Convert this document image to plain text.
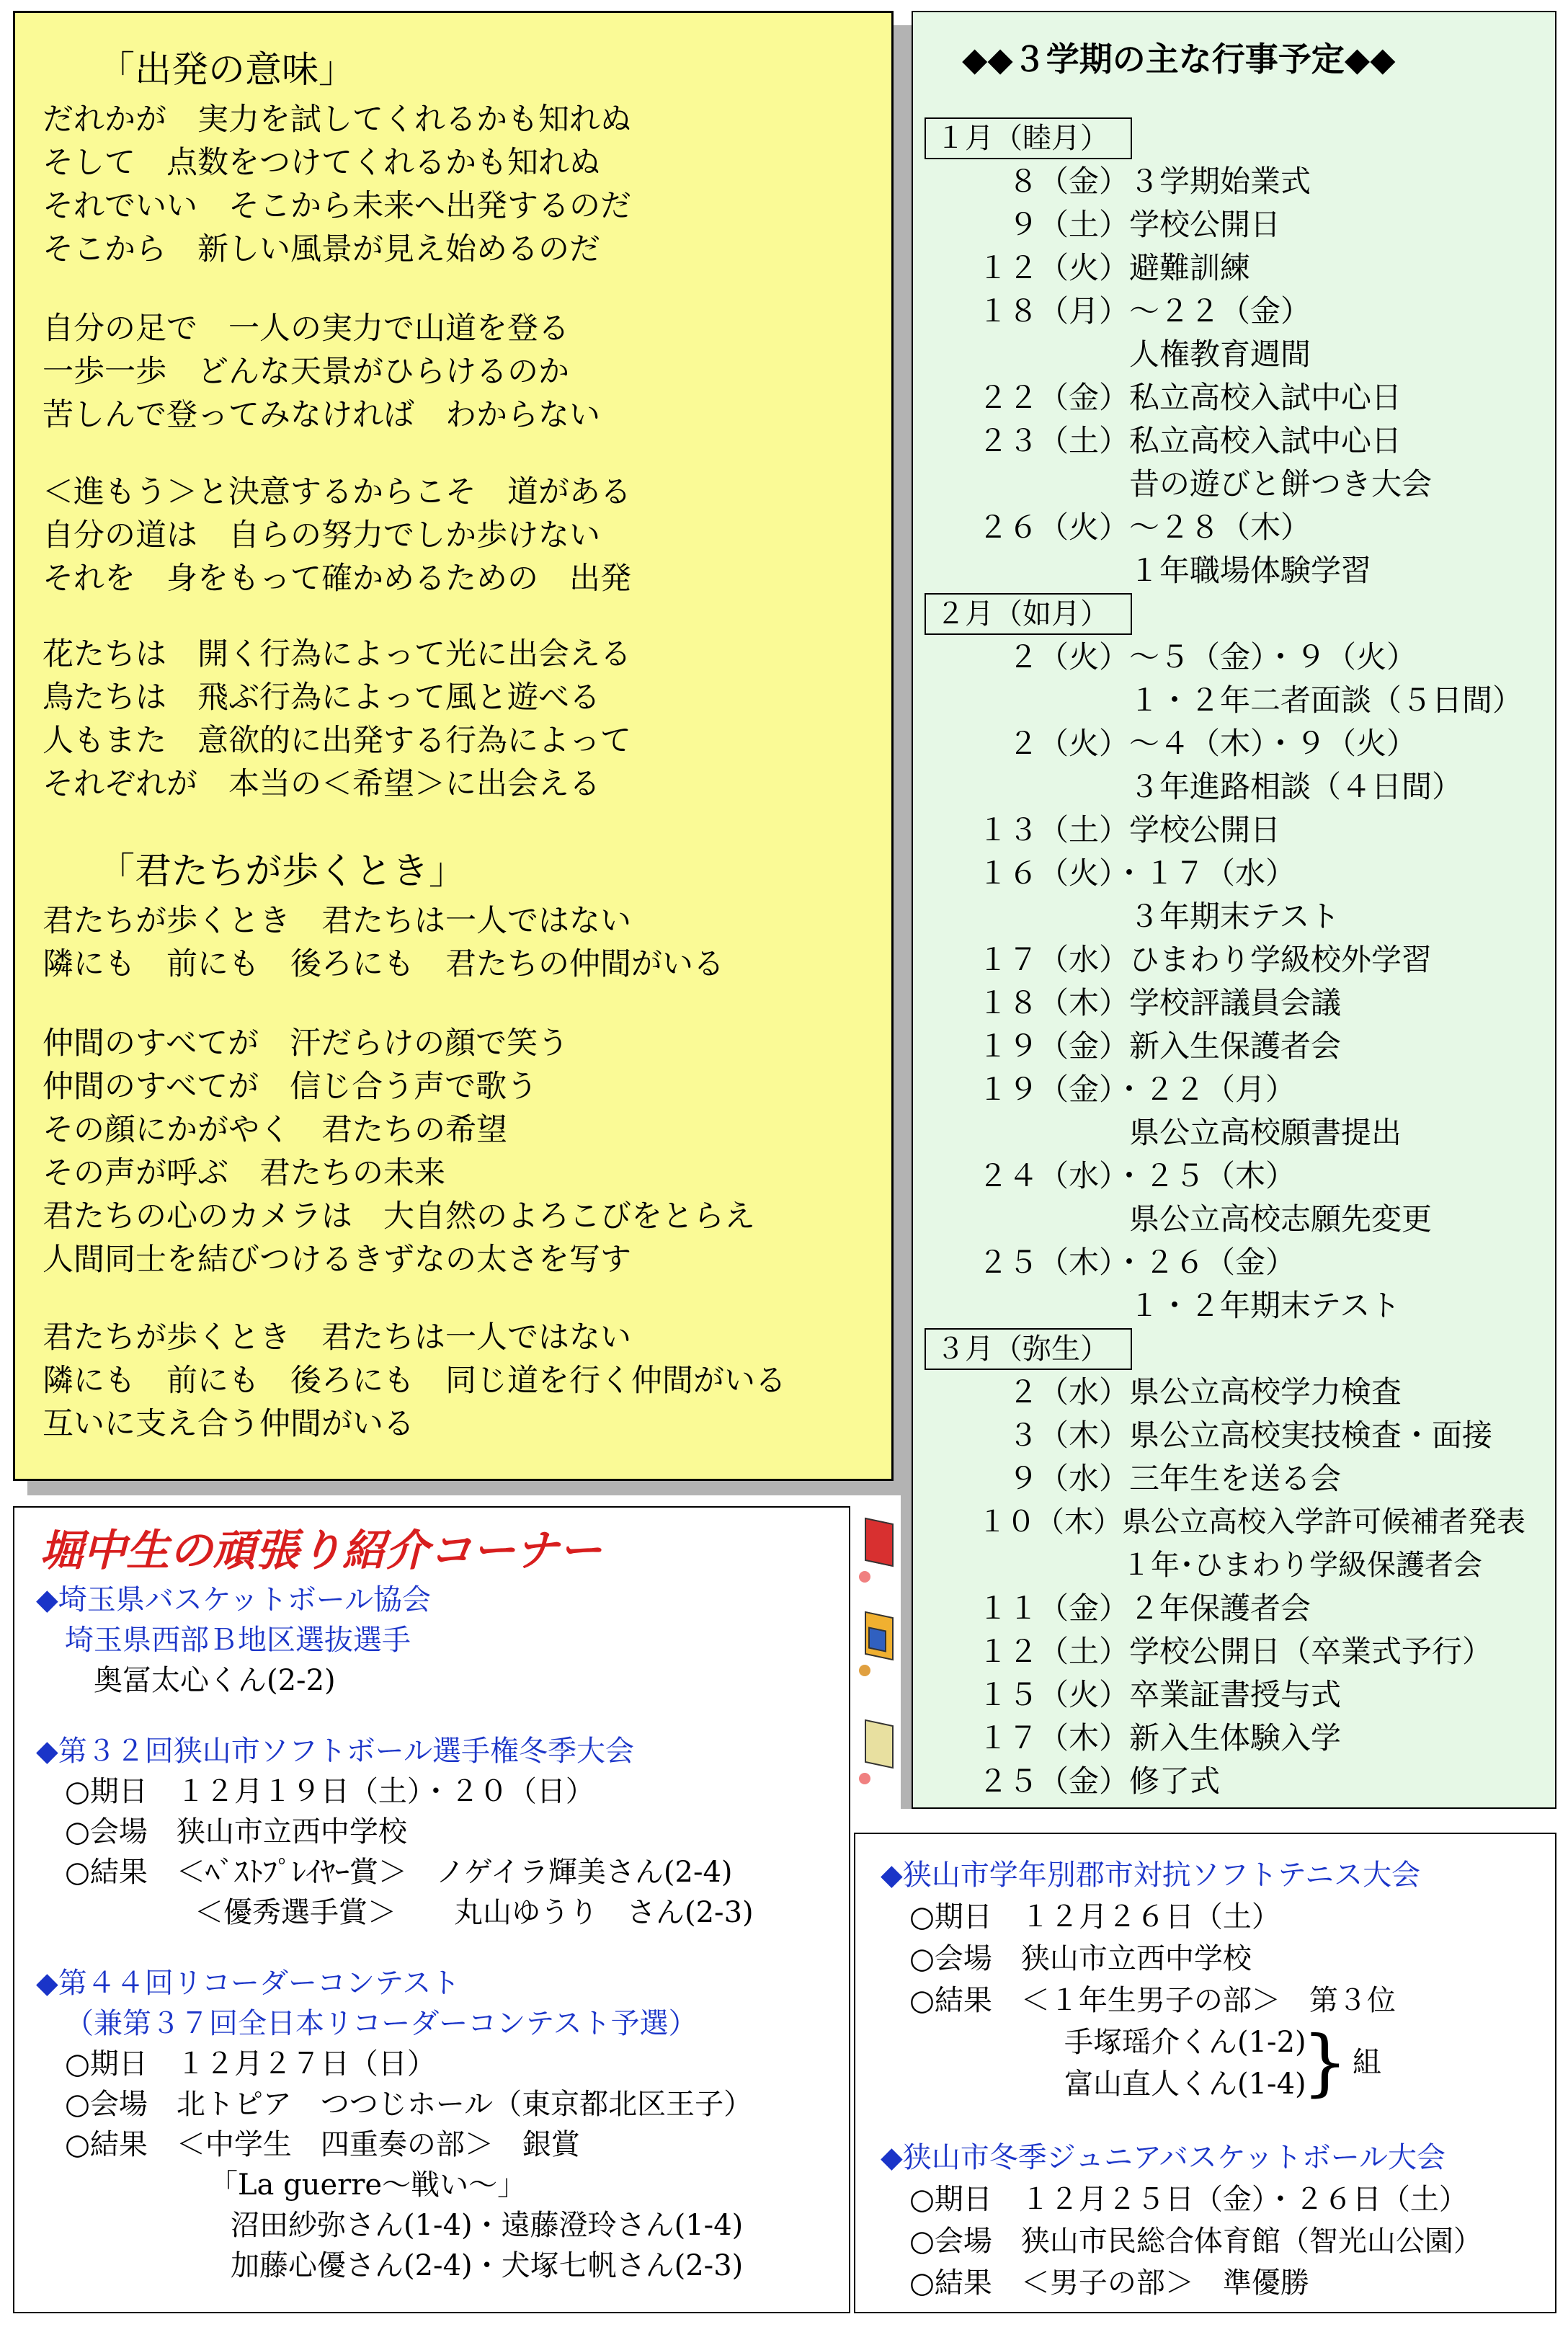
「出発の意味」
だれかが　実力を試してくれるかも知れぬ
そして　点数をつけてくれるかも知れぬ
それでいい　そこから未来へ出発するのだ
そこから　新しい風景が見え始めるのだ
自分の足で　一人の実力で山道を登る
一歩一歩　どんな天景がひらけるのか
苦しんで登ってみなければ　わからない
＜進もう＞と決意するからこそ　道がある
自分の道は　自らの努力でしか歩けない
それを　身をもって確かめるための　出発
花たちは　開く行為によって光に出会える
鳥たちは　飛ぶ行為によって風と遊べる
人もまた　意欲的に出発する行為によって
それぞれが　本当の＜希望＞に出会える
「君たちが歩くとき」
君たちが歩くとき　君たちは一人ではない
隣にも　前にも　後ろにも　君たちの仲間がいる
仲間のすべてが　汗だらけの顔で笑う
仲間のすべてが　信じ合う声で歌う
その顔にかがやく　君たちの希望
その声が呼ぶ　君たちの未来
君たちの心のカメラは　大自然のよろこびをとらえ
人間同士を結びつけるきずなの太さを写す
君たちが歩くとき　君たちは一人ではない
隣にも　前にも　後ろにも　同じ道を行く仲間がいる
互いに支え合う仲間がいる
◆◆３学期の主な行事予定◆◆
１月（睦月）
　８（金）３学期始業式
　９（土）学校公開日
１２（火）避難訓練
１８（月）～２２（金）
　　　　　人権教育週間
２２（金）私立高校入試中心日
２３（土）私立高校入試中心日
　　　　　昔の遊びと餅つき大会
２６（火）～２８（木）
　　　　　１年職場体験学習
２月（如月）
　２（火）～５（金）・９（火）
　　　　　１・２年二者面談（５日間）
　２（火）～４（木）・９（火）
　　　　　３年進路相談（４日間）
１３（土）学校公開日
１６（火）・１７（水）
　　　　　３年期末テスト
１７（水）ひまわり学級校外学習
１８（木）学校評議員会議
１９（金）新入生保護者会
１９（金）・２２（月）
　　　　　県公立高校願書提出
２４（水）・２５（木）
　　　　　県公立高校志願先変更
２５（木）・２６（金）
　　　　　１・２年期末テスト
３月（弥生）
　２（水）県公立高校学力検査
　３（木）県公立高校実技検査・面接
　９（水）三年生を送る会
１０（木）県公立高校入学許可候補者発表
　　　　　１年･ひまわり学級保護者会
１１（金）２年保護者会
１２（土）学校公開日（卒業式予行）
１５（火）卒業証書授与式
１７（木）新入生体験入学
２５（金）修了式
堀中生の頑張り紹介コーナー
◆埼玉県バスケットボール協会
埼玉県西部Ｂ地区選抜選手
奥冨太心くん(2-2)
◆第３２回狭山市ソフトボール選手権冬季大会
○期日　１２月１９日（土）・２０（日）
○会場　狭山市立西中学校
○結果　＜ﾍﾞｽﾄﾌﾟﾚｲﾔｰ賞＞　ノゲイラ輝美さん(2-4)
＜優秀選手賞＞　　丸山ゆうり　さん(2-3)
◆第４４回リコーダーコンテスト
（兼第３７回全日本リコーダーコンテスト予選）
○期日　１２月２７日（日）
○会場　北トピア　つつじホール（東京都北区王子）
○結果　＜中学生　四重奏の部＞　銀賞
「La guerre～戦い～」
沼田紗弥さん(1-4)・遠藤澄玲さん(1-4)
加藤心優さん(2-4)・犬塚七帆さん(2-3)
◆狭山市学年別郡市対抗ソフトテニス大会
○期日　１２月２６日（土）
○会場　狭山市立西中学校
○結果　＜１年生男子の部＞　第３位
手塚瑶介くん(1-2)
富山直人くん(1-4)
} 組
◆狭山市冬季ジュニアバスケットボール大会
○期日　１２月２５日（金）・２６日（土）
○会場　狭山市民総合体育館（智光山公園）
○結果　＜男子の部＞　準優勝
